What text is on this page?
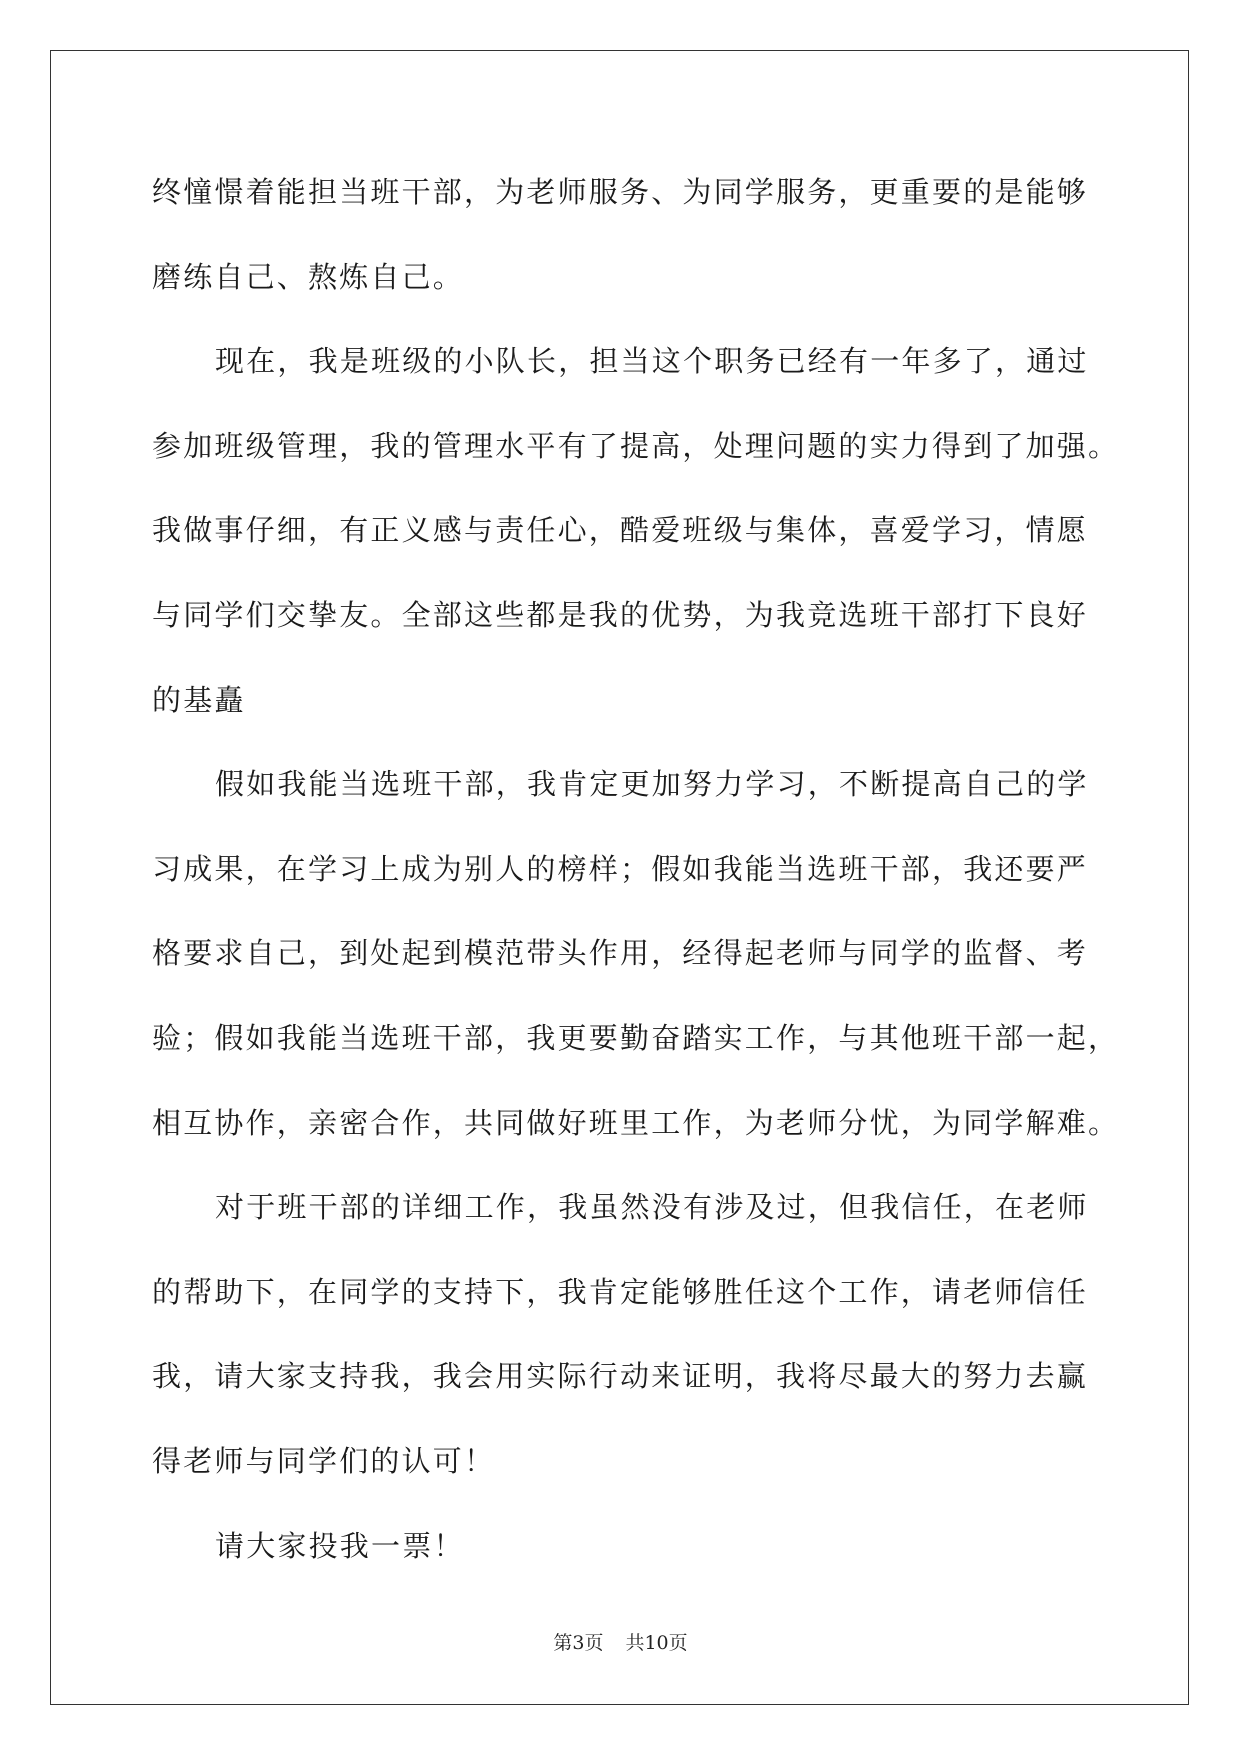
终憧憬着能担当班干部，为老师服务、为同学服务，更重要的是能够
磨练自己、熬炼自己。
现在，我是班级的小队长，担当这个职务已经有一年多了，通过
参加班级管理，我的管理水平有了提高，处理问题的实力得到了加强。
我做事仔细，有正义感与责任心，酷爱班级与集体，喜爱学习，情愿
与同学们交挚友。全部这些都是我的优势，为我竞选班干部打下良好
的基矗
假如我能当选班干部，我肯定更加努力学习，不断提高自己的学
习成果，在学习上成为别人的榜样；假如我能当选班干部，我还要严
格要求自己，到处起到模范带头作用，经得起老师与同学的监督、考
验；假如我能当选班干部，我更要勤奋踏实工作，与其他班干部一起，
相互协作，亲密合作，共同做好班里工作，为老师分忧，为同学解难。
对于班干部的详细工作，我虽然没有涉及过，但我信任，在老师
的帮助下，在同学的支持下，我肯定能够胜任这个工作，请老师信任
我，请大家支持我，我会用实际行动来证明，我将尽最大的努力去赢
得老师与同学们的认可！
请大家投我一票！
第3页 共10页
